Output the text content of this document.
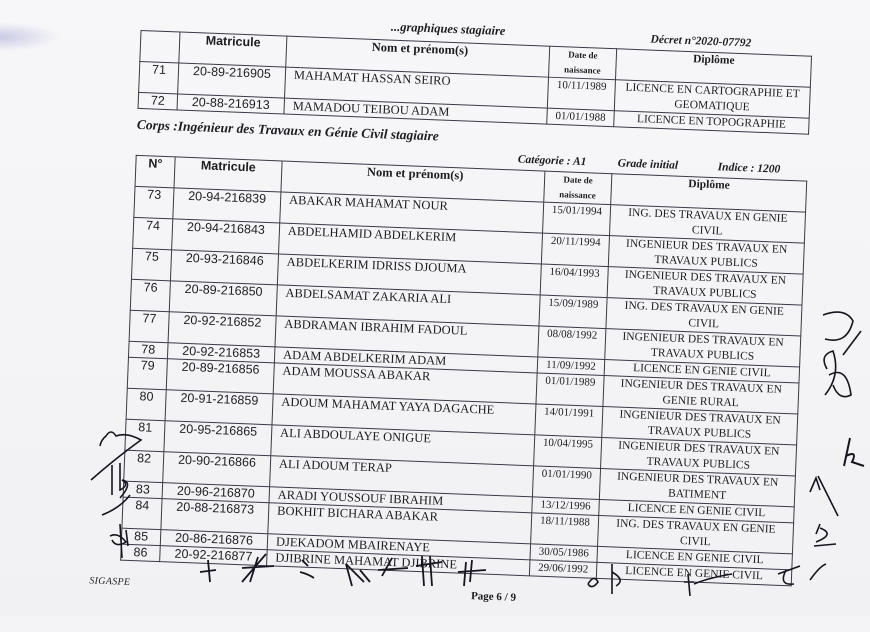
...graphiques stagiaire
Décret n°2020-07792
	Matricule	Nom et prénom(s)	Date de naissance	Diplôme
71	20-89-216905	MAHAMAT HASSAN SEIRO	10/11/1989	LICENCE EN CARTOGRAPHIE ET GEOMATIQUE
72	20-88-216913	MAMADOU TEIBOU ADAM	01/01/1988	LICENCE EN TOPOGRAPHIE
Corps :Ingénieur des Travaux en Génie Civil stagiaire
Catégorie : A1	Grade initial	Indice : 1200
N°	Matricule	Nom et prénom(s)	Date de naissance	Diplôme
73	20-94-216839	ABAKAR MAHAMAT NOUR	15/01/1994	ING. DES TRAVAUX EN GENIE CIVIL
74	20-94-216843	ABDELHAMID ABDELKERIM	20/11/1994	INGENIEUR DES TRAVAUX EN TRAVAUX PUBLICS
75	20-93-216846	ABDELKERIM IDRISS DJOUMA	16/04/1993	INGENIEUR DES TRAVAUX EN TRAVAUX PUBLICS
76	20-89-216850	ABDELSAMAT ZAKARIA ALI	15/09/1989	ING. DES TRAVAUX EN GENIE CIVIL
77	20-92-216852	ABDRAMAN IBRAHIM FADOUL	08/08/1992	INGENIEUR DES TRAVAUX EN TRAVAUX PUBLICS
78	20-92-216853	ADAM ABDELKERIM ADAM	11/09/1992	LICENCE EN GENIE CIVIL
79	20-89-216856	ADAM MOUSSA ABAKAR	01/01/1989	INGENIEUR DES TRAVAUX EN GENIE RURAL
80	20-91-216859	ADOUM MAHAMAT YAYA DAGACHE	14/01/1991	INGENIEUR DES TRAVAUX EN TRAVAUX PUBLICS
81	20-95-216865	ALI ABDOULAYE ONIGUE	10/04/1995	INGENIEUR DES TRAVAUX EN TRAVAUX PUBLICS
82	20-90-216866	ALI ADOUM TERAP	01/01/1990	INGENIEUR DES TRAVAUX EN BATIMENT
83	20-96-216870	ARADI YOUSSOUF IBRAHIM	13/12/1996	LICENCE EN GENIE CIVIL
84	20-88-216873	BOKHIT BICHARA ABAKAR	18/11/1988	ING. DES TRAVAUX EN GENIE CIVIL
85	20-86-216876	DJEKADOM MBAIRENAYE	30/05/1986	LICENCE EN GENIE CIVIL
86	20-92-216877	DJIBRINE MAHAMAT DJIBRINE	29/06/1992	LICENCE EN GENIE CIVIL
SIGASPE
Page 6 / 9
